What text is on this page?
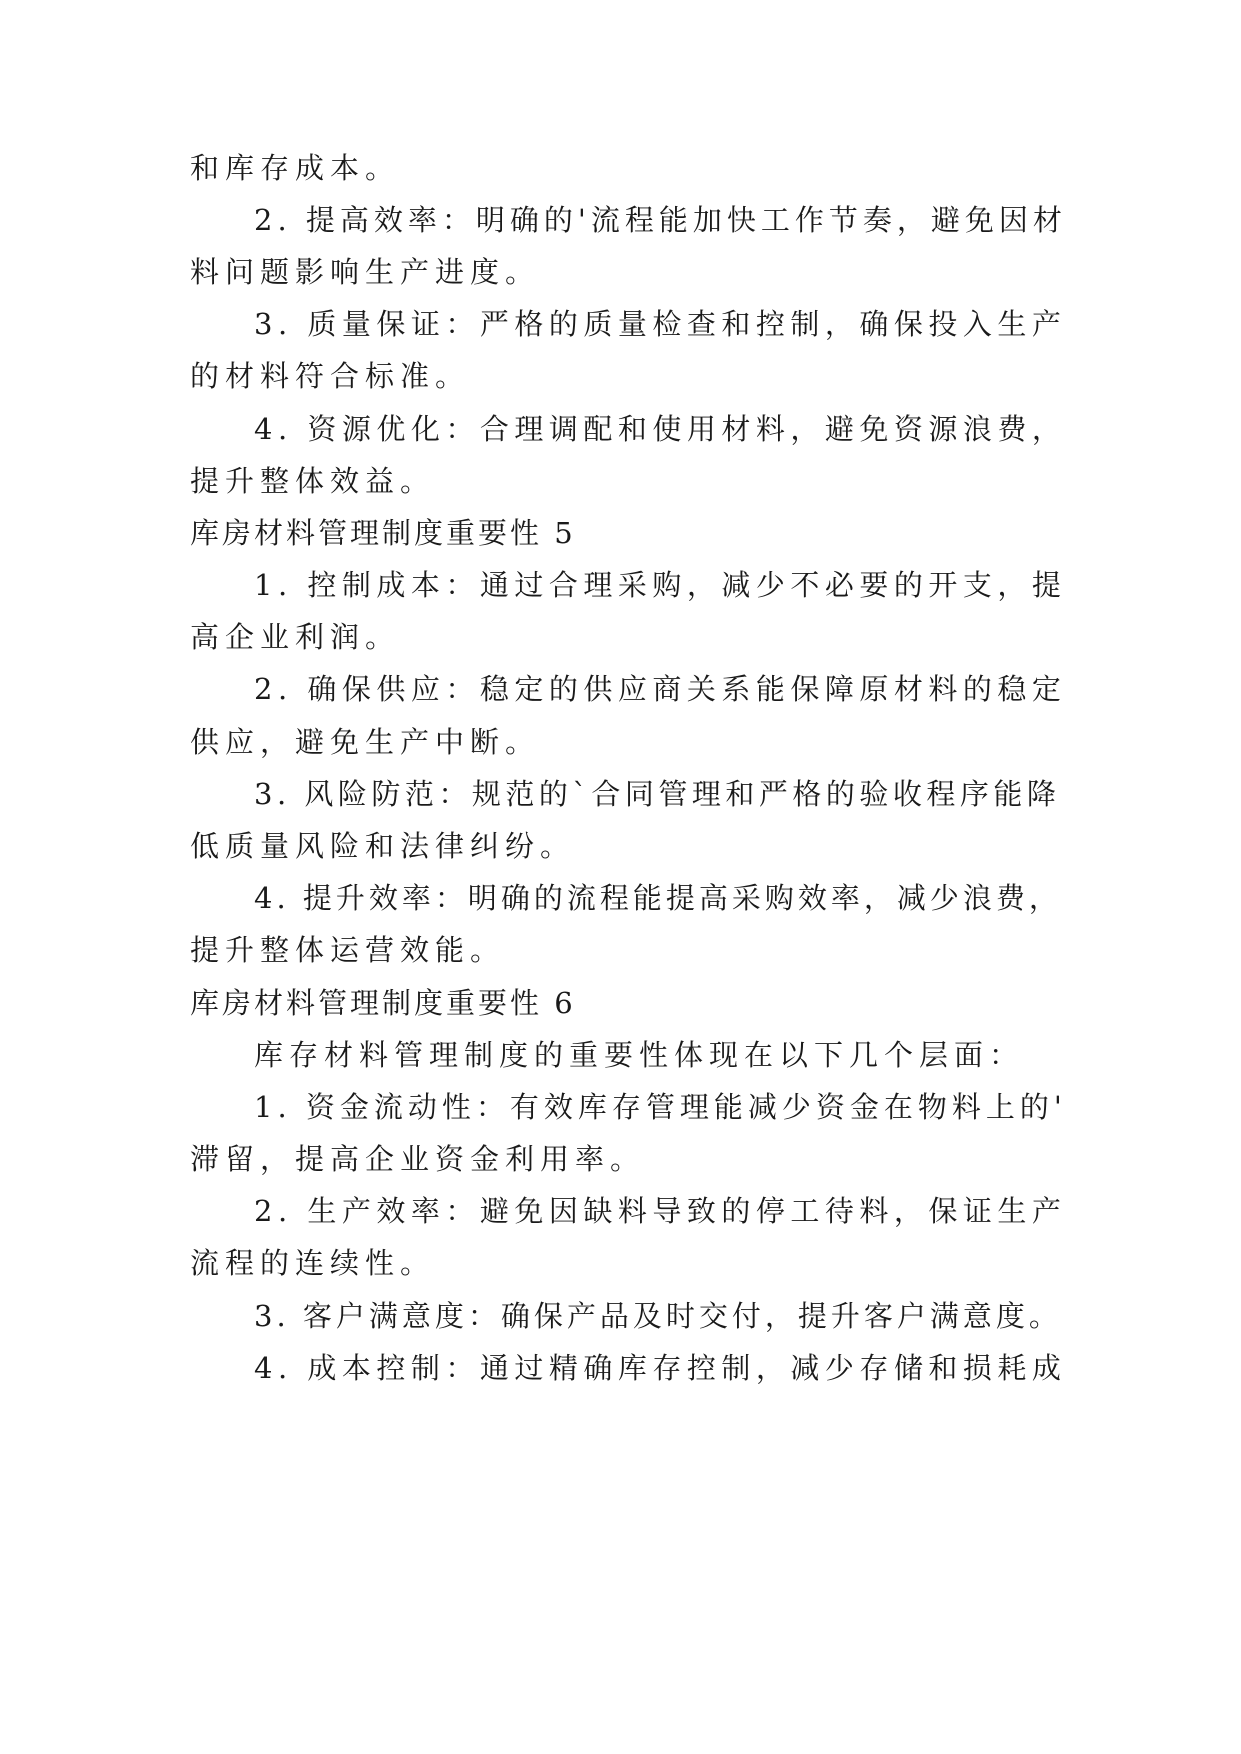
和库存成本。
2. 提高效率：明确的'流程能加快工作节奏，避免因材
料问题影响生产进度。
3. 质量保证：严格的质量检查和控制，确保投入生产
的材料符合标准。
4. 资源优化：合理调配和使用材料，避免资源浪费，
提升整体效益。
库房材料管理制度重要性 5
1. 控制成本：通过合理采购，减少不必要的开支，提
高企业利润。
2. 确保供应：稳定的供应商关系能保障原材料的稳定
供应，避免生产中断。
3. 风险防范：规范的`合同管理和严格的验收程序能降
低质量风险和法律纠纷。
4. 提升效率：明确的流程能提高采购效率，减少浪费，
提升整体运营效能。
库房材料管理制度重要性 6
库存材料管理制度的重要性体现在以下几个层面：
1. 资金流动性：有效库存管理能减少资金在物料上的'
滞留，提高企业资金利用率。
2. 生产效率：避免因缺料导致的停工待料，保证生产
流程的连续性。
3. 客户满意度：确保产品及时交付，提升客户满意度。
4. 成本控制：通过精确库存控制，减少存储和损耗成
